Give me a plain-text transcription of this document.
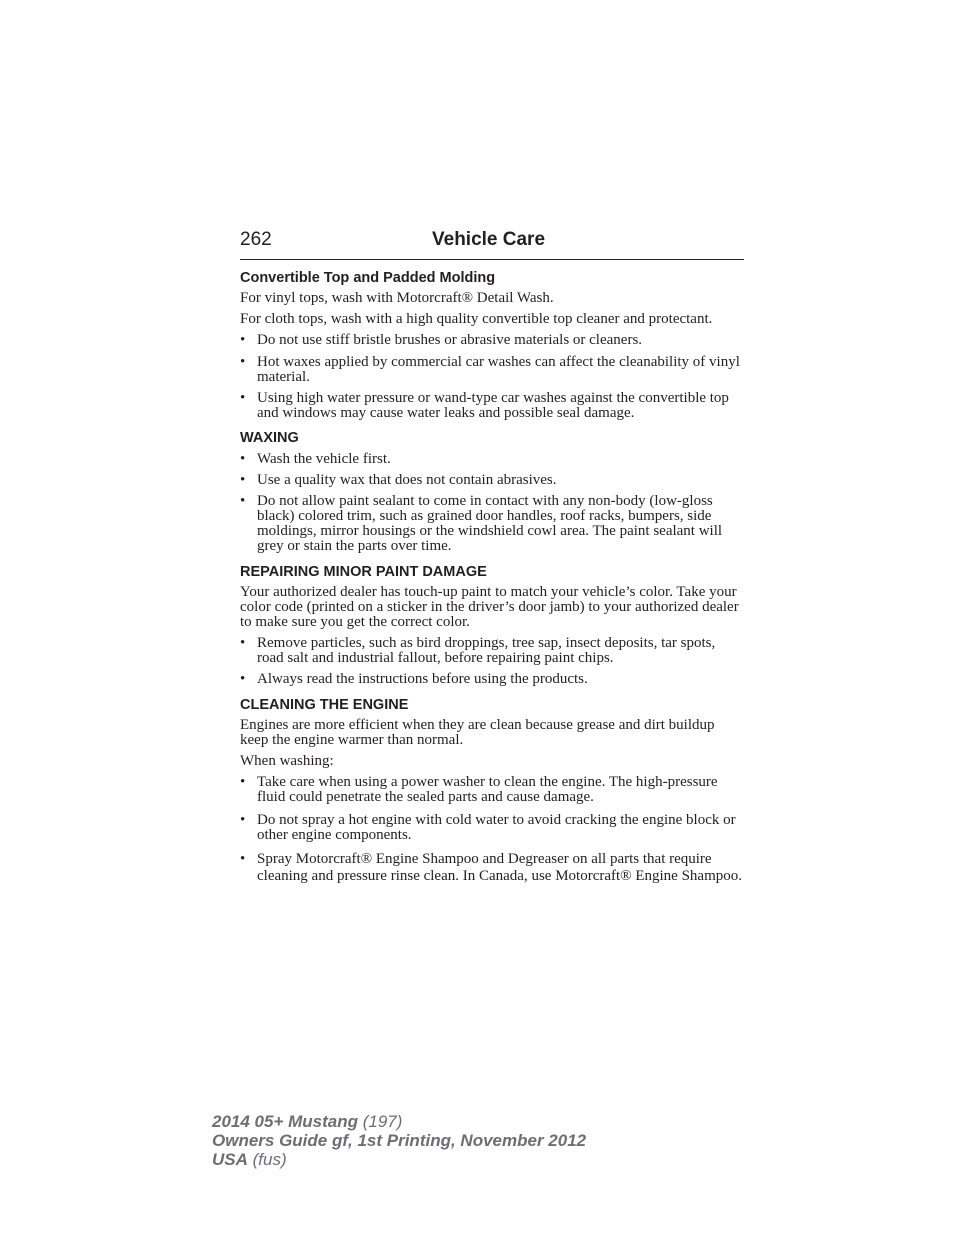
262	Vehicle Care
Convertible Top and Padded Molding

For vinyl tops, wash with Motorcraft® Detail Wash.

For cloth tops, wash with a high quality convertible top cleaner and protectant.

• Do not use stiff bristle brushes or abrasive materials or cleaners.
• Hot waxes applied by commercial car washes can affect the cleanability of vinyl material.
• Using high water pressure or wand-type car washes against the convertible top and windows may cause water leaks and possible seal damage.
WAXING
• Wash the vehicle first.
• Use a quality wax that does not contain abrasives.
• Do not allow paint sealant to come in contact with any non-body (low-gloss black) colored trim, such as grained door handles, roof racks, bumpers, side moldings, mirror housings or the windshield cowl area. The paint sealant will grey or stain the parts over time.
REPAIRING MINOR PAINT DAMAGE

Your authorized dealer has touch-up paint to match your vehicle’s color. Take your color code (printed on a sticker in the driver’s door jamb) to your authorized dealer to make sure you get the correct color.

• Remove particles, such as bird droppings, tree sap, insect deposits, tar spots, road salt and industrial fallout, before repairing paint chips.
• Always read the instructions before using the products.
CLEANING THE ENGINE

Engines are more efficient when they are clean because grease and dirt buildup keep the engine warmer than normal.

When washing:

• Take care when using a power washer to clean the engine. The high-pressure fluid could penetrate the sealed parts and cause damage.
• Do not spray a hot engine with cold water to avoid cracking the engine block or other engine components.
• Spray Motorcraft® Engine Shampoo and Degreaser on all parts that require cleaning and pressure rinse clean. In Canada, use Motorcraft® Engine Shampoo.
2014 05+ Mustang (197)
Owners Guide gf, 1st Printing, November 2012
USA (fus)
